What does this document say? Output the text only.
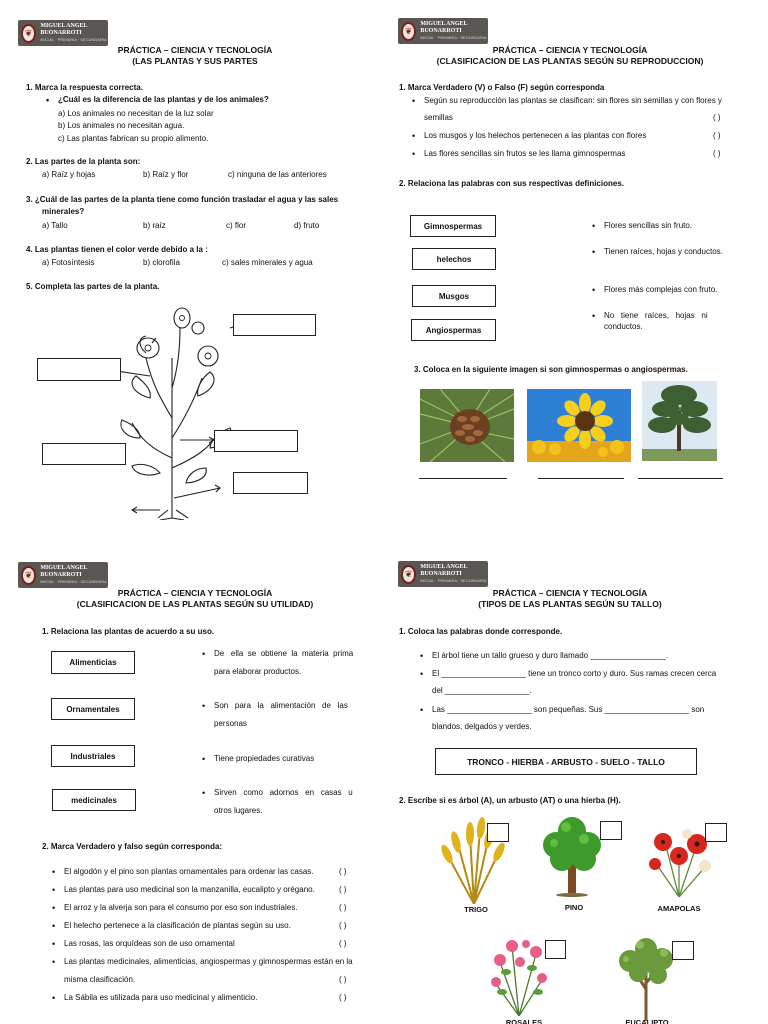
❦
MIGUEL ANGEL BUONARROTI
INICIAL · PRIMARIA · SECUNDARIA
PRÁCTICA – CIENCIA Y TECNOLOGÍA
(LAS PLANTAS Y SUS PARTES
1. Marca la respuesta correcta.
• ¿Cuál es la diferencia de las plantas y de los animales?
a) Los animales no necesitan de la luz solar
b) Los animales no necesitan agua.
c) Las plantas fabrican su propio alimento.
2. Las partes de la planta son:
a) Raíz y hojas	b) Raíz y flor	c) ninguna de las anteriores
3. ¿Cuál de las partes de la planta tiene como función trasladar el agua y las sales
minerales?
a) Tallo	b) raíz	c) flor	d) fruto
4. Las plantas tienen el color verde debido a la :
a) Fotosíntesis	b) clorofila	c) sales minerales y agua
5. Completa las partes de la planta.
❦
MIGUEL ANGEL BUONARROTI
INICIAL · PRIMARIA · SECUNDARIA
PRÁCTICA – CIENCIA Y TECNOLOGÍA
(CLASIFICACION DE LAS PLANTAS SEGÚN SU REPRODUCCION)
1. Marca Verdadero (V) o Falso (F) según corresponda
• Según su reproducción las plantas se clasifican: sin flores sin semillas y con flores y
semillas	( )
• Los musgos y los helechos pertenecen a las plantas con flores	( )
• Las flores sencillas sin frutos se les llama gimnospermas	( )
2. Relaciona las palabras con sus respectivas definiciones.
Gimnospermas
helechos
Musgos
Angiospermas
• Flores sencillas sin fruto.
• Tienen raíces, hojas y conductos.
• Flores más complejas con fruto.
• No   tiene   raíces,   hojas   ni
conductos.
3. Coloca en la siguiente imagen si son gimnospermas o angiospermas.
❦
MIGUEL ANGEL BUONARROTI
INICIAL · PRIMARIA · SECUNDARIA
PRÁCTICA – CIENCIA Y TECNOLOGÍA
(CLASIFICACION DE LAS PLANTAS SEGÚN SU UTILIDAD)
1. Relaciona las plantas de acuerdo a su uso.
Alimenticias
Ornamentales
Industriales
medicinales
• De   ella  se  obtiene  la  materia  prima
para elaborar productos.
• Son   para   la   alimentación   de   las
personas
• Tiene propiedades curativas
• Sirven   como   adornos   en   casas   u
otros lugares.
2. Marca Verdadero y falso según corresponda:
• El algodón y el pino son plantas ornamentales para ordenar las casas.	( )
• Las plantas para uso medicinal son la manzanilla, eucalipto y orégano.	( )
• El arroz y la alverja son para el consumo por eso son industriales.	( )
• El helecho pertenece a la clasificación de plantas según su uso.	( )
• Las rosas, las orquídeas son de uso ornamental	( )
• Las plantas medicinales, alimenticias, angiospermas y gimnospermas están en la
misma clasificación.	( )
• La Sábila es utilizada para uso medicinal y alimenticio.	( )
❦
MIGUEL ANGEL BUONARROTI
INICIAL · PRIMARIA · SECUNDARIA
PRÁCTICA – CIENCIA Y TECNOLOGÍA
(TIPOS DE LAS PLANTAS SEGÚN SU TALLO)
1. Coloca las palabras donde corresponde.
• El árbol tiene un tallo grueso y duro llamado _________________.
• El ___________________ tiene un tronco corto y duro. Sus ramas crecen cerca
del ___________________.
• Las ___________________ son pequeñas. Sus ___________________ son
blandos, delgados y verdes.
TRONCO - HIERBA - ARBUSTO - SUELO - TALLO
2. Escribe si es árbol (A), un arbusto (AT) o una hierba (H).
TRIGO	PINO	AMAPOLAS
ROSALES	EUCALIPTO
